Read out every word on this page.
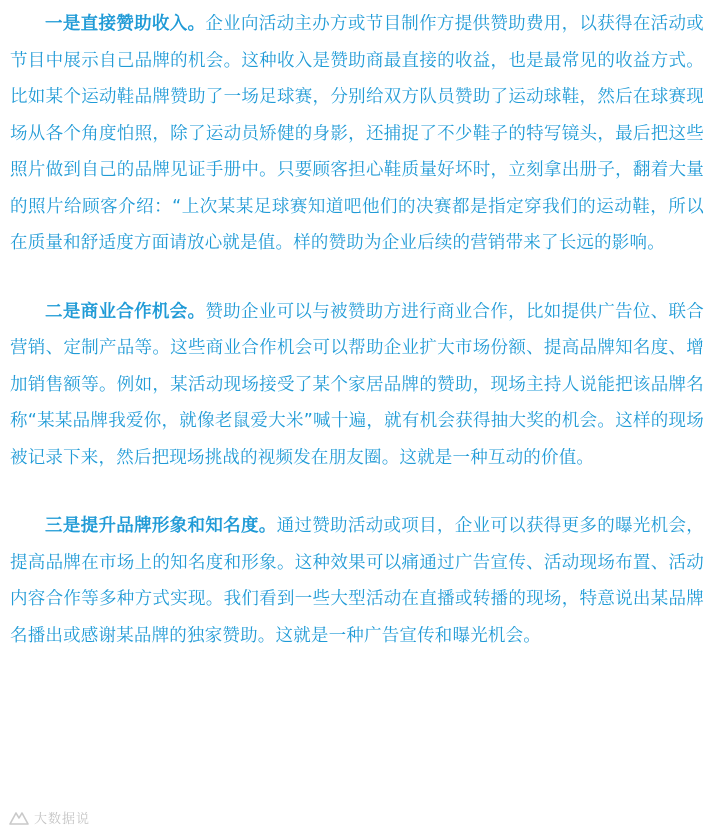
一是直接赞助收入。企业向活动主办方或节目制作方提供赞助费用，以获得在活动或节目中展示自己品牌的机会。这种收入是赞助商最直接的收益，也是最常见的收益方式。比如某个运动鞋品牌赞助了一场足球赛，分别给双方队员赞助了运动球鞋，然后在球赛现场从各个角度怕照，除了运动员矫健的身影，还捕捉了不少鞋子的特写镜头，最后把这些照片做到自己的品牌见证手册中。只要顾客担心鞋质量好坏时，立刻拿出册子，翻着大量的照片给顾客介绍：“上次某某足球赛知道吧他们的决赛都是指定穿我们的运动鞋，所以在质量和舒适度方面请放心就是值。样的赞助为企业后续的营销带来了长远的影响。

二是商业合作机会。赞助企业可以与被赞助方进行商业合作，比如提供广告位、联合营销、定制产品等。这些商业合作机会可以帮助企业扩大市场份额、提高品牌知名度、增加销售额等。例如，某活动现场接受了某个家居品牌的赞助，现场主持人说能把该品牌名称“某某品牌我爱你，就像老鼠爱大米”喊十遍，就有机会获得抽大奖的机会。这样的现场被记录下来，然后把现场挑战的视频发在朋友圈。这就是一种互动的价值。

三是提升品牌形象和知名度。通过赞助活动或项目，企业可以获得更多的曝光机会，提高品牌在市场上的知名度和形象。这种效果可以痛通过广告宣传、活动现场布置、活动内容合作等多种方式实现。我们看到一些大型活动在直播或转播的现场，特意说出某品牌名播出或感谢某品牌的独家赞助。这就是一种广告宣传和曝光机会。

大数据说
